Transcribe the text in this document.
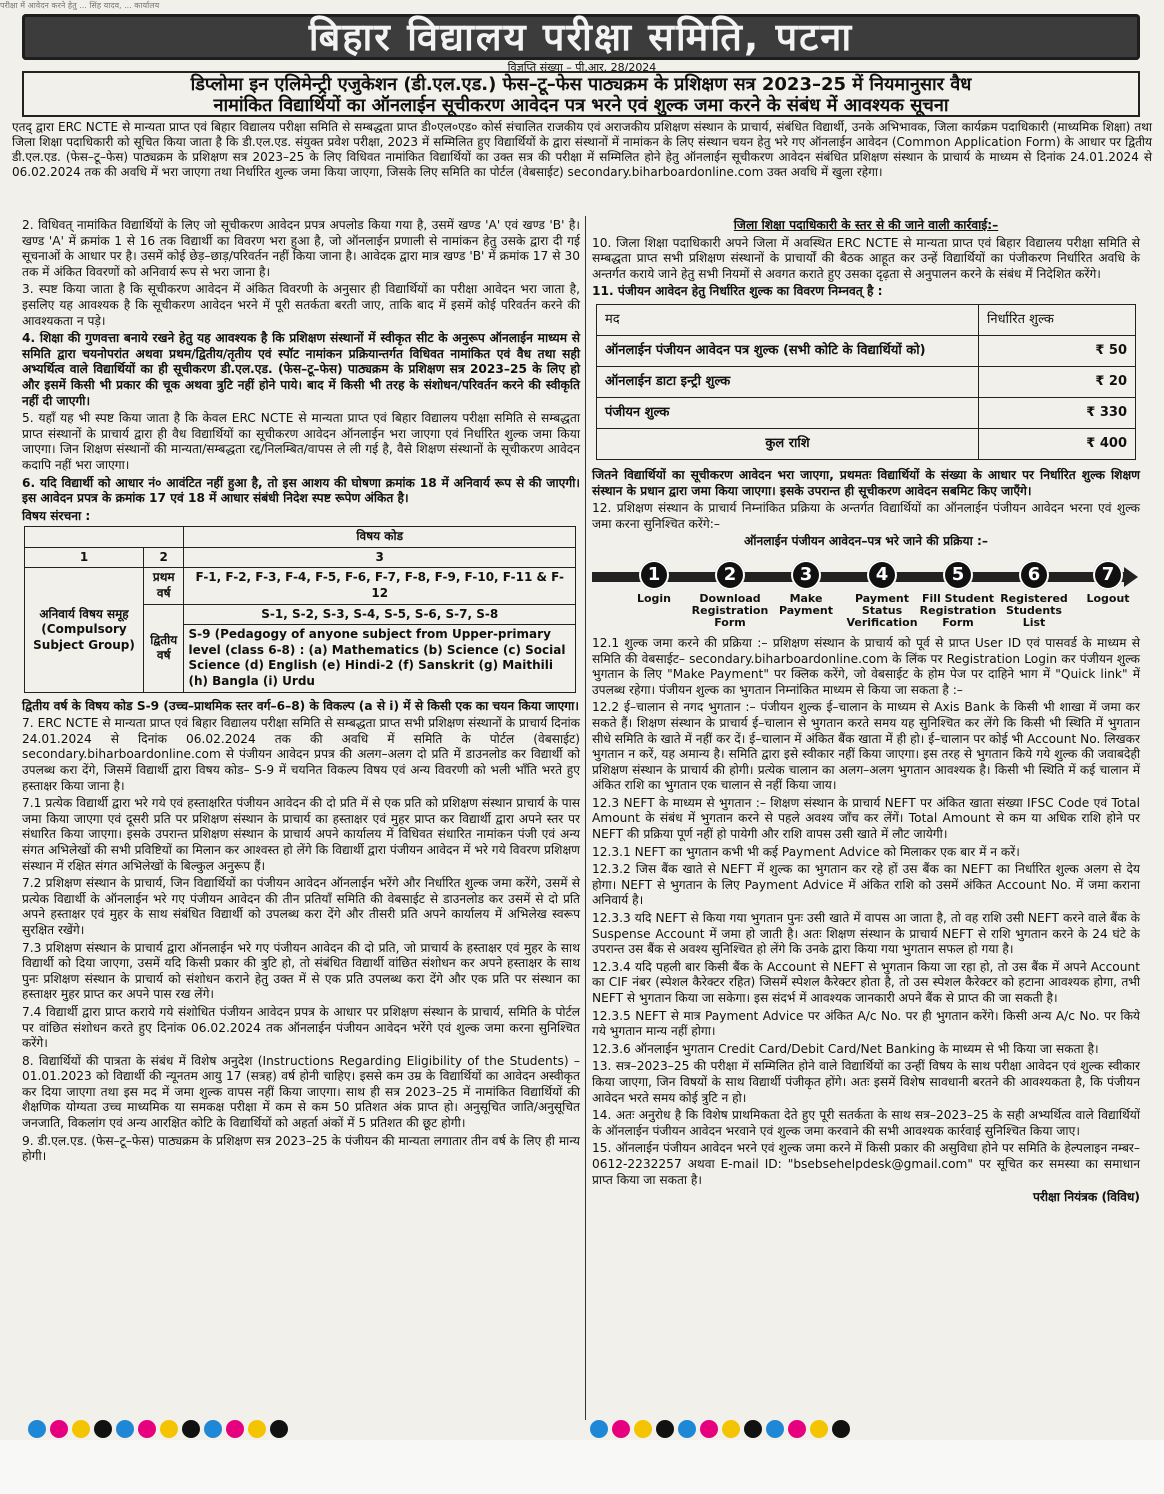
परीक्षा में आवेदन करने हेतु ... सिंह यादव, ... कार्यालय
बिहार विद्यालय परीक्षा समिति, पटना
विज्ञप्ति संख्या – पी.आर. 28/2024
डिप्लोमा इन एलिमेन्ट्री एजुकेशन (डी.एल.एड.) फेस–टू–फेस पाठ्यक्रम के प्रशिक्षण सत्र 2023–25 में नियमानुसार वैध
नामांकित विद्यार्थियों का ऑनलाईन सूचीकरण आवेदन पत्र भरने एवं शुल्क जमा करने के संबंध में आवश्यक सूचना
एतद् द्वारा ERC NCTE से मान्यता प्राप्त एवं बिहार विद्यालय परीक्षा समिति से सम्बद्धता प्राप्त डी०एल०एड० कोर्स संचालित राजकीय एवं अराजकीय प्रशिक्षण संस्थान के प्राचार्य, संबंधित विद्यार्थी, उनके अभिभावक, जिला कार्यक्रम पदाधिकारी (माध्यमिक शिक्षा) तथा जिला शिक्षा पदाधिकारी को सूचित किया जाता है कि डी.एल.एड. संयुक्त प्रवेश परीक्षा, 2023 में सम्मिलित हुए विद्यार्थियों के द्वारा संस्थानों में नामांकन के लिए संस्थान चयन हेतु भरे गए ऑनलाईन आवेदन (Common Application Form) के आधार पर द्वितीय डी.एल.एड. (फेस–टू–फेस) पाठ्यक्रम के प्रशिक्षण सत्र 2023–25 के लिए विधिवत नामांकित विद्यार्थियों का उक्त सत्र की परीक्षा में सम्मिलित होने हेतु ऑनलाईन सूचीकरण आवेदन संबंधित प्रशिक्षण संस्थान के प्राचार्य के माध्यम से दिनांक 24.01.2024 से 06.02.2024 तक की अवधि में भरा जाएगा तथा निर्धारित शुल्क जमा किया जाएगा, जिसके लिए समिति का पोर्टल (वेबसाईट) secondary.biharboardonline.com उक्त अवधि में खुला रहेगा।

2. विधिवत् नामांकित विद्यार्थियों के लिए जो सूचीकरण आवेदन प्रपत्र अपलोड किया गया है, उसमें खण्ड 'A' एवं खण्ड 'B' है। खण्ड 'A' में क्रमांक 1 से 16 तक विद्यार्थी का विवरण भरा हुआ है, जो ऑनलाईन प्रणाली से नामांकन हेतु उसके द्वारा दी गई सूचनाओं के आधार पर है। उसमें कोई छेड़–छाड़/परिवर्तन नहीं किया जाना है। आवेदक द्वारा मात्र खण्ड 'B' में क्रमांक 17 से 30 तक में अंकित विवरणों को अनिवार्य रूप से भरा जाना है।

3. स्पष्ट किया जाता है कि सूचीकरण आवेदन में अंकित विवरणी के अनुसार ही विद्यार्थियों का परीक्षा आवेदन भरा जाता है, इसलिए यह आवश्यक है कि सूचीकरण आवेदन भरने में पूरी सतर्कता बरती जाए, ताकि बाद में इसमें कोई परिवर्तन करने की आवश्यकता न पड़े।

4. शिक्षा की गुणवत्ता बनाये रखने हेतु यह आवश्यक है कि प्रशिक्षण संस्थानों में स्वीकृत सीट के अनुरूप ऑनलाईन माध्यम से समिति द्वारा चयनोपरांत अथवा प्रथम/द्वितीय/तृतीय एवं स्पॉट नामांकन प्रक्रियान्तर्गत विधिवत नामांकित एवं वैध तथा सही अभ्यर्थित्व वाले विद्यार्थियों का ही सूचीकरण डी.एल.एड. (फेस–टू–फेस) पाठ्यक्रम के प्रशिक्षण सत्र 2023–25 के लिए हो और इसमें किसी भी प्रकार की चूक अथवा त्रुटि नहीं होने पाये। बाद में किसी भी तरह के संशोधन/परिवर्तन करने की स्वीकृति नहीं दी जाएगी।

5. यहाँ यह भी स्पष्ट किया जाता है कि केवल ERC NCTE से मान्यता प्राप्त एवं बिहार विद्यालय परीक्षा समिति से सम्बद्धता प्राप्त संस्थानों के प्राचार्य द्वारा ही वैध विद्यार्थियों का सूचीकरण आवेदन ऑनलाईन भरा जाएगा एवं निर्धारित शुल्क जमा किया जाएगा। जिन शिक्षण संस्थानों की मान्यता/सम्बद्धता रद्द/निलम्बित/वापस ले ली गई है, वैसे शिक्षण संस्थानों के सूचीकरण आवेदन कदापि नहीं भरा जाएगा।

6. यदि विद्यार्थी को आधार नं० आवंटित नहीं हुआ है, तो इस आशय की घोषणा क्रमांक 18 में अनिवार्य रूप से की जाएगी। इस आवेदन प्रपत्र के क्रमांक 17 एवं 18 में आधार संबंधी निदेश स्पष्ट रूपेण अंकित है।

विषय संरचना :

		विषय कोड
1	2	3
अनिवार्य विषय समूह (Compulsory Subject Group)	प्रथम वर्ष	F-1, F-2, F-3, F-4, F-5, F-6, F-7, F-8, F-9, F-10, F-11 & F-12
	द्वितीय वर्ष	S-1, S-2, S-3, S-4, S-5, S-6, S-7, S-8
		S-9 (Pedagogy of anyone subject from Upper-primary level (class 6-8) : (a) Mathematics (b) Science (c) Social Science (d) English (e) Hindi-2 (f) Sanskrit (g) Maithili (h) Bangla (i) Urdu

द्वितीय वर्ष के विषय कोड S-9 (उच्च–प्राथमिक स्तर वर्ग–6–8) के विकल्प (a से i) में से किसी एक का चयन किया जाएगा।

7. ERC NCTE से मान्यता प्राप्त एवं बिहार विद्यालय परीक्षा समिति से सम्बद्धता प्राप्त सभी प्रशिक्षण संस्थानों के प्राचार्य दिनांक 24.01.2024 से दिनांक 06.02.2024 तक की अवधि में समिति के पोर्टल (वेबसाईट) secondary.biharboardonline.com से पंजीयन आवेदन प्रपत्र की अलग–अलग दो प्रति में डाउनलोड कर विद्यार्थी को उपलब्ध करा देंगे, जिसमें विद्यार्थी द्वारा विषय कोड– S-9 में चयनित विकल्प विषय एवं अन्य विवरणी को भली भाँति भरते हुए हस्ताक्षर किया जाना है।

7.1 प्रत्येक विद्यार्थी द्वारा भरे गये एवं हस्ताक्षरित पंजीयन आवेदन की दो प्रति में से एक प्रति को प्रशिक्षण संस्थान प्राचार्य के पास जमा किया जाएगा एवं दूसरी प्रति पर प्रशिक्षण संस्थान के प्राचार्य का हस्ताक्षर एवं मुहर प्राप्त कर विद्यार्थी द्वारा अपने स्तर पर संधारित किया जाएगा। इसके उपरान्त प्रशिक्षण संस्थान के प्राचार्य अपने कार्यालय में विधिवत संधारित नामांकन पंजी एवं अन्य संगत अभिलेखों की सभी प्रविष्टियों का मिलान कर आश्वस्त हो लेंगे कि विद्यार्थी द्वारा पंजीयन आवेदन में भरे गये विवरण प्रशिक्षण संस्थान में रक्षित संगत अभिलेखों के बिल्कुल अनुरूप हैं।

7.2 प्रशिक्षण संस्थान के प्राचार्य, जिन विद्यार्थियों का पंजीयन आवेदन ऑनलाईन भरेंगे और निर्धारित शुल्क जमा करेंगे, उसमें से प्रत्येक विद्यार्थी के ऑनलाईन भरे गए पंजीयन आवेदन की तीन प्रतियाँ समिति की वेबसाईट से डाउनलोड कर उसमें से दो प्रति अपने हस्ताक्षर एवं मुहर के साथ संबंधित विद्यार्थी को उपलब्ध करा देंगे और तीसरी प्रति अपने कार्यालय में अभिलेख स्वरूप सुरक्षित रखेंगे।

7.3 प्रशिक्षण संस्थान के प्राचार्य द्वारा ऑनलाईन भरे गए पंजीयन आवेदन की दो प्रति, जो प्राचार्य के हस्ताक्षर एवं मुहर के साथ विद्यार्थी को दिया जाएगा, उसमें यदि किसी प्रकार की त्रुटि हो, तो संबंधित विद्यार्थी वांछित संशोधन कर अपने हस्ताक्षर के साथ पुनः प्रशिक्षण संस्थान के प्राचार्य को संशोधन कराने हेतु उक्त में से एक प्रति उपलब्ध करा देंगे और एक प्रति पर संस्थान का हस्ताक्षर मुहर प्राप्त कर अपने पास रख लेंगे।

7.4 विद्यार्थी द्वारा प्राप्त कराये गये संशोधित पंजीयन आवेदन प्रपत्र के आधार पर प्रशिक्षण संस्थान के प्राचार्य, समिति के पोर्टल पर वांछित संशोधन करते हुए दिनांक 06.02.2024 तक ऑनलाईन पंजीयन आवेदन भरेंगे एवं शुल्क जमा करना सुनिश्चित करेंगे।

8. विद्यार्थियों की पात्रता के संबंध में विशेष अनुदेश (Instructions Regarding Eligibility of the Students) – 01.01.2023 को विद्यार्थी की न्यूनतम आयु 17 (सत्रह) वर्ष होनी चाहिए। इससे कम उम्र के विद्यार्थियों का आवेदन अस्वीकृत कर दिया जाएगा तथा इस मद में जमा शुल्क वापस नहीं किया जाएगा। साथ ही सत्र 2023–25 में नामांकित विद्यार्थियों की शैक्षणिक योग्यता उच्च माध्यमिक या समकक्ष परीक्षा में कम से कम 50 प्रतिशत अंक प्राप्त हो। अनुसूचित जाति/अनुसूचित जनजाति, विकलांग एवं अन्य आरक्षित कोटि के विद्यार्थियों को अहर्ता अंकों में 5 प्रतिशत की छूट होगी।

9. डी.एल.एड. (फेस–टू–फेस) पाठ्यक्रम के प्रशिक्षण सत्र 2023–25 के पंजीयन की मान्यता लगातार तीन वर्ष के लिए ही मान्य होगी।

जिला शिक्षा पदाधिकारी के स्तर से की जाने वाली कार्रवाई:–

10. जिला शिक्षा पदाधिकारी अपने जिला में अवस्थित ERC NCTE से मान्यता प्राप्त एवं बिहार विद्यालय परीक्षा समिति से सम्बद्धता प्राप्त सभी प्रशिक्षण संस्थानों के प्राचार्यों की बैठक आहूत कर उन्हें विद्यार्थियों का पंजीकरण निर्धारित अवधि के अन्तर्गत कराये जाने हेतु सभी नियमों से अवगत कराते हुए उसका दृढ़ता से अनुपालन करने के संबंध में निदेशित करेंगे।

11. पंजीयन आवेदन हेतु निर्धारित शुल्क का विवरण निम्नवत् है :

मद	निर्धारित शुल्क
ऑनलाईन पंजीयन आवेदन पत्र शुल्क (सभी कोटि के विद्यार्थियों को)	₹ 50
ऑनलाईन डाटा इन्ट्री शुल्क	₹ 20
पंजीयन शुल्क	₹ 330
कुल राशि	₹ 400

जितने विद्यार्थियों का सूचीकरण आवेदन भरा जाएगा, प्रथमतः विद्यार्थियों के संख्या के आधार पर निर्धारित शुल्क शिक्षण संस्थान के प्रधान द्वारा जमा किया जाएगा। इसके उपरान्त ही सूचीकरण आवेदन सबमिट किए जाएँगे।

12. प्रशिक्षण संस्थान के प्राचार्य निम्नांकित प्रक्रिया के अन्तर्गत विद्यार्थियों का ऑनलाईन पंजीयन आवेदन भरना एवं शुल्क जमा करना सुनिश्चित करेंगे:–

ऑनलाईन पंजीयन आवेदन–पत्र भरे जाने की प्रक्रिया :–

1
Login
2
Download Registration Form
3
Make Payment
4
Payment Status Verification
5
Fill Student Registration Form
6
Registered Students List
7
Logout

12.1 शुल्क जमा करने की प्रक्रिया :– प्रशिक्षण संस्थान के प्राचार्य को पूर्व से प्राप्त User ID एवं पासवर्ड के माध्यम से समिति की वेबसाईट– secondary.biharboardonline.com के लिंक पर Registration Login कर पंजीयन शुल्क भुगतान के लिए "Make Payment" पर क्लिक करेंगे, जो वेबसाईट के होम पेज पर दाहिने भाग में "Quick link" में उपलब्ध रहेगा। पंजीयन शुल्क का भुगतान निम्नांकित माध्यम से किया जा सकता है :–

12.2 ई–चालान से नगद भुगतान :– पंजीयन शुल्क ई–चालान के माध्यम से Axis Bank के किसी भी शाखा में जमा कर सकते हैं। शिक्षण संस्थान के प्राचार्य ई–चालान से भुगतान करते समय यह सुनिश्चित कर लेंगे कि किसी भी स्थिति में भुगतान सीधे समिति के खाते में नहीं कर दें। ई–चालान में अंकित बैंक खाता में ही हो। ई–चालान पर कोई भी Account No. लिखकर भुगतान न करें, यह अमान्य है। समिति द्वारा इसे स्वीकार नहीं किया जाएगा। इस तरह से भुगतान किये गये शुल्क की जवाबदेही प्रशिक्षण संस्थान के प्राचार्य की होगी। प्रत्येक चालान का अलग–अलग भुगतान आवश्यक है। किसी भी स्थिति में कई चालान में अंकित राशि का भुगतान एक चालान से नहीं किया जाय।

12.3 NEFT के माध्यम से भुगतान :– शिक्षण संस्थान के प्राचार्य NEFT पर अंकित खाता संख्या IFSC Code एवं Total Amount के संबंध में भुगतान करने से पहले अवश्य जाँच कर लेंगें। Total Amount से कम या अधिक राशि होने पर NEFT की प्रक्रिया पूर्ण नहीं हो पायेगी और राशि वापस उसी खाते में लौट जायेगी।

12.3.1 NEFT का भुगतान कभी भी कई Payment Advice को मिलाकर एक बार में न करें।

12.3.2 जिस बैंक खाते से NEFT में शुल्क का भुगतान कर रहे हों उस बैंक का NEFT का निर्धारित शुल्क अलग से देय होगा। NEFT से भुगतान के लिए Payment Advice में अंकित राशि को उसमें अंकित Account No. में जमा कराना अनिवार्य है।

12.3.3 यदि NEFT से किया गया भुगतान पुनः उसी खाते में वापस आ जाता है, तो वह राशि उसी NEFT करने वाले बैंक के Suspense Account में जमा हो जाती है। अतः शिक्षण संस्थान के प्राचार्य NEFT से राशि भुगतान करने के 24 घंटे के उपरान्त उस बैंक से अवश्य सुनिश्चित हो लेंगे कि उनके द्वारा किया गया भुगतान सफल हो गया है।

12.3.4 यदि पहली बार किसी बैंक के Account से NEFT से भुगतान किया जा रहा हो, तो उस बैंक में अपने Account का CIF नंबर (स्पेशल कैरेक्टर रहित) जिसमें स्पेशल कैरेक्टर होता है, तो उस स्पेशल कैरेक्टर को हटाना आवश्यक होगा, तभी NEFT से भुगतान किया जा सकेगा। इस संदर्भ में आवश्यक जानकारी अपने बैंक से प्राप्त की जा सकती है।

12.3.5 NEFT से मात्र Payment Advice पर अंकित A/c No. पर ही भुगतान करेंगे। किसी अन्य A/c No. पर किये गये भुगतान मान्य नहीं होगा।

12.3.6 ऑनलाईन भुगतान Credit Card/Debit Card/Net Banking के माध्यम से भी किया जा सकता है।

13. सत्र–2023–25 की परीक्षा में सम्मिलित होने वाले विद्यार्थियों का उन्हीं विषय के साथ परीक्षा आवेदन एवं शुल्क स्वीकार किया जाएगा, जिन विषयों के साथ विद्यार्थी पंजीकृत होंगे। अतः इसमें विशेष सावधानी बरतने की आवश्यकता है, कि पंजीयन आवेदन भरते समय कोई त्रुटि न हो।

14. अतः अनुरोध है कि विशेष प्राथमिकता देते हुए पूरी सतर्कता के साथ सत्र–2023–25 के सही अभ्यर्थित्व वाले विद्यार्थियों के ऑनलाईन पंजीयन आवेदन भरवाने एवं शुल्क जमा करवाने की सभी आवश्यक कार्रवाई सुनिश्चित किया जाए।

15. ऑनलाईन पंजीयन आवेदन भरने एवं शुल्क जमा करने में किसी प्रकार की असुविधा होने पर समिति के हेल्पलाइन नम्बर– 0612-2232257 अथवा E-mail ID: "bsebsehelpdesk@gmail.com" पर सूचित कर समस्या का समाधान प्राप्त किया जा सकता है।

परीक्षा नियंत्रक (विविध)
